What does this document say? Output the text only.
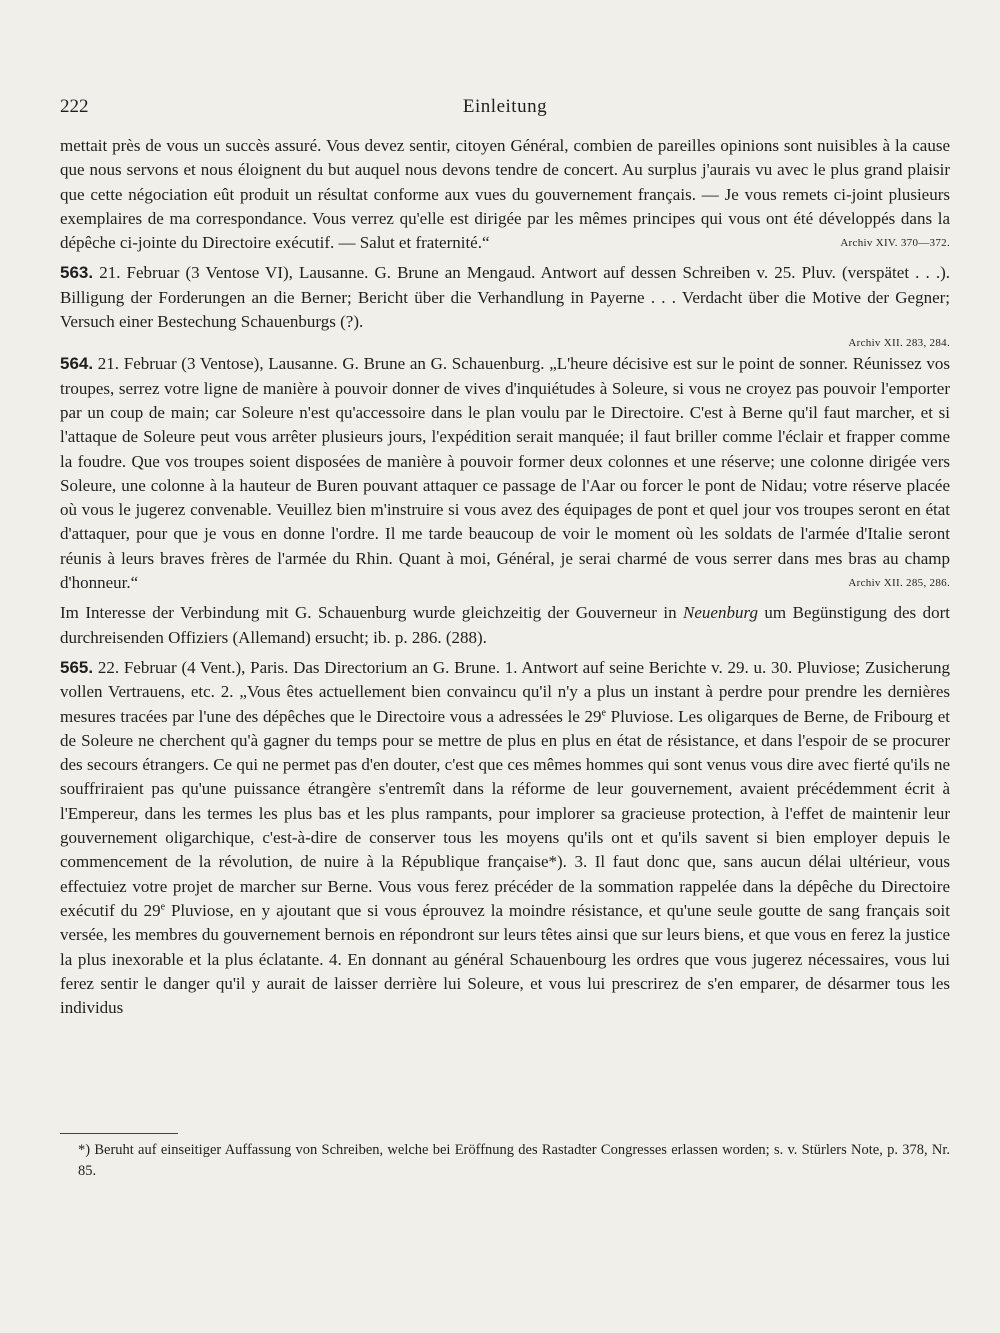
222	Einleitung

mettait près de vous un succès assuré. Vous devez sentir, citoyen Général, combien de pareilles opinions sont nuisibles à la cause que nous servons et nous éloignent du but auquel nous devons tendre de concert. Au surplus j'aurais vu avec le plus grand plaisir que cette négociation eût produit un résultat conforme aux vues du gouvernement français. — Je vous remets ci-joint plusieurs exemplaires de ma correspondance. Vous verrez qu'elle est dirigée par les mêmes principes qui vous ont été développés dans la dépêche ci-jointe du Directoire exécutif. — Salut et fraternité.“	Archiv XIV. 370—372.

563. 21. Februar (3 Ventose VI), Lausanne. G. Brune an Mengaud. Antwort auf dessen Schreiben v. 25. Pluv. (verspätet . . .). Billigung der Forderungen an die Berner; Bericht über die Verhandlung in Payerne . . . Verdacht über die Motive der Gegner; Versuch einer Bestechung Schauenburgs (?).

Archiv XII. 283, 284.

564. 21. Februar (3 Ventose), Lausanne. G. Brune an G. Schauenburg. „L'heure décisive est sur le point de sonner. Réunissez vos troupes, serrez votre ligne de manière à pouvoir donner de vives d'inquiétudes à Soleure, si vous ne croyez pas pouvoir l'emporter par un coup de main; car Soleure n'est qu'accessoire dans le plan voulu par le Directoire. C'est à Berne qu'il faut marcher, et si l'attaque de Soleure peut vous arrêter plusieurs jours, l'expédition serait manquée; il faut briller comme l'éclair et frapper comme la foudre. Que vos troupes soient disposées de manière à pouvoir former deux colonnes et une réserve; une colonne dirigée vers Soleure, une colonne à la hauteur de Buren pouvant attaquer ce passage de l'Aar ou forcer le pont de Nidau; votre réserve placée où vous le jugerez convenable. Veuillez bien m'instruire si vous avez des équipages de pont et quel jour vos troupes seront en état d'attaquer, pour que je vous en donne l'ordre. Il me tarde beaucoup de voir le moment où les soldats de l'armée d'Italie seront réunis à leurs braves frères de l'armée du Rhin. Quant à moi, Général, je serai charmé de vous serrer dans mes bras au champ d'honneur.“	Archiv XII. 285, 286.

Im Interesse der Verbindung mit G. Schauenburg wurde gleichzeitig der Gouverneur in Neuenburg um Begünstigung des dort durchreisenden Offiziers (Allemand) ersucht; ib. p. 286. (288).

565. 22. Februar (4 Vent.), Paris. Das Directorium an G. Brune. 1. Antwort auf seine Berichte v. 29. u. 30. Pluviose; Zusicherung vollen Vertrauens, etc. 2. „Vous êtes actuellement bien convaincu qu'il n'y a plus un instant à perdre pour prendre les dernières mesures tracées par l'une des dépêches que le Directoire vous a adressées le 29e Pluviose. Les oligarques de Berne, de Fribourg et de Soleure ne cherchent qu'à gagner du temps pour se mettre de plus en plus en état de résistance, et dans l'espoir de se procurer des secours étrangers. Ce qui ne permet pas d'en douter, c'est que ces mêmes hommes qui sont venus vous dire avec fierté qu'ils ne souffriraient pas qu'une puissance étrangère s'entremît dans la réforme de leur gouvernement, avaient précédemment écrit à l'Empereur, dans les termes les plus bas et les plus rampants, pour implorer sa gracieuse protection, à l'effet de maintenir leur gouvernement oligarchique, c'est-à-dire de conserver tous les moyens qu'ils ont et qu'ils savent si bien employer depuis le commencement de la révolution, de nuire à la République française*). 3. Il faut donc que, sans aucun délai ultérieur, vous effectuiez votre projet de marcher sur Berne. Vous vous ferez précéder de la sommation rappelée dans la dépêche du Directoire exécutif du 29e Pluviose, en y ajoutant que si vous éprouvez la moindre résistance, et qu'une seule goutte de sang français soit versée, les membres du gouvernement bernois en répondront sur leurs têtes ainsi que sur leurs biens, et que vous en ferez la justice la plus inexorable et la plus éclatante. 4. En donnant au général Schauenbourg les ordres que vous jugerez nécessaires, vous lui ferez sentir le danger qu'il y aurait de laisser derrière lui Soleure, et vous lui prescrirez de s'en emparer, de désarmer tous les individus

*) Beruht auf einseitiger Auffassung von Schreiben, welche bei Eröffnung des Rastadter Congresses erlassen worden; s. v. Stürlers Note, p. 378, Nr. 85.
